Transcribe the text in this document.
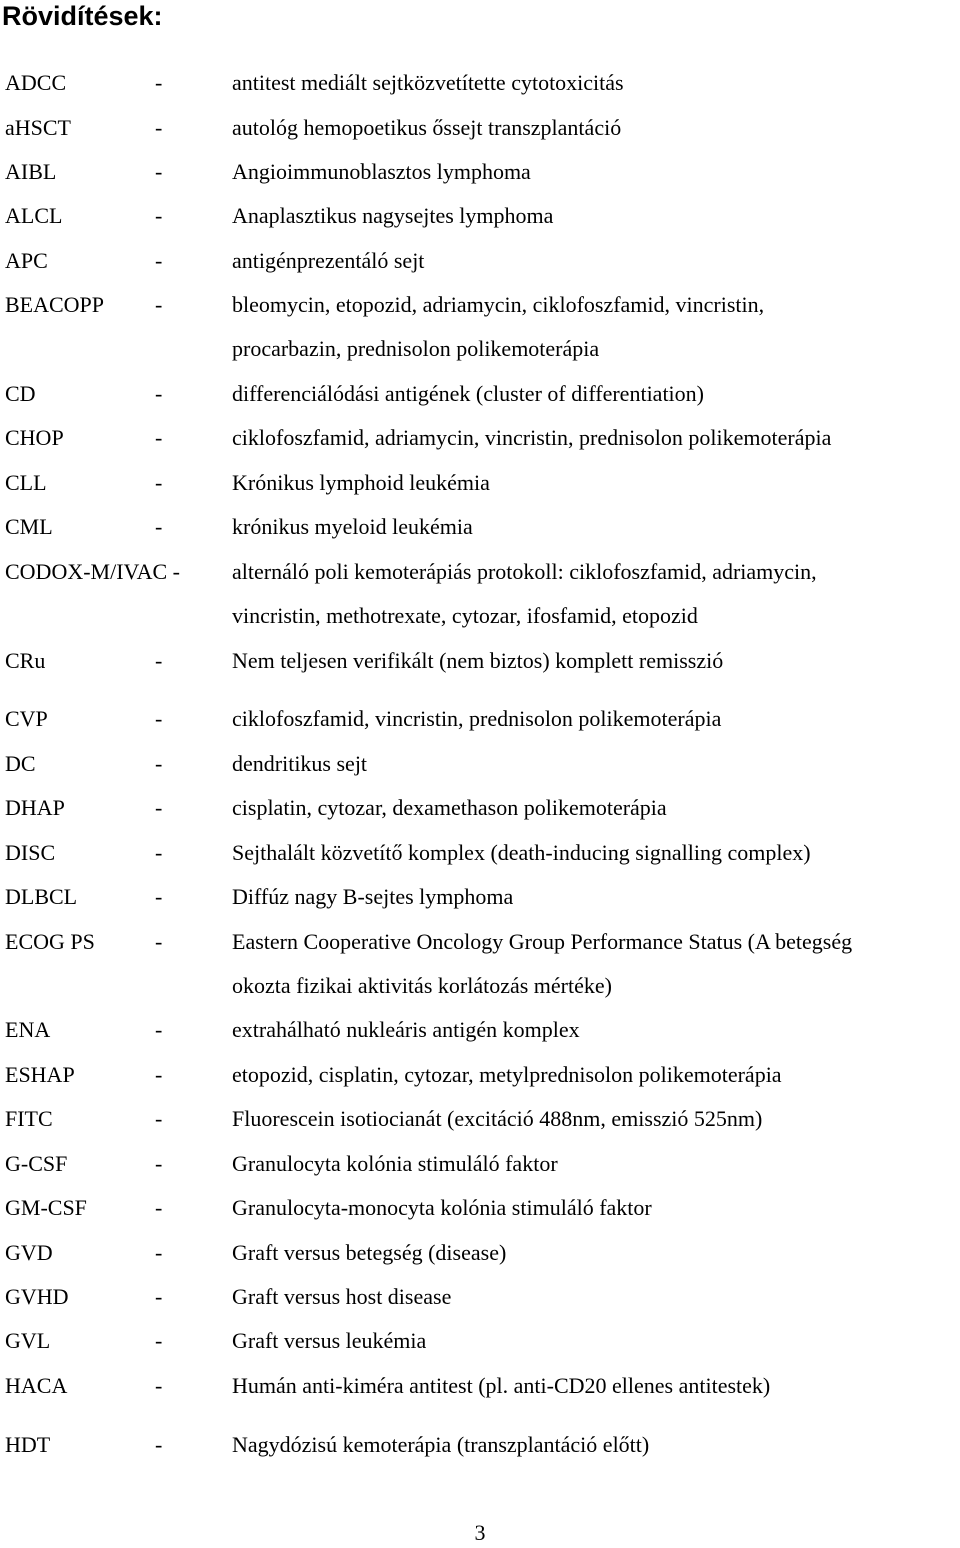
Rövidítések:
ADCC	-	antitest mediált sejtközvetítette cytotoxicitás
aHSCT	-	autológ hemopoetikus őssejt transzplantáció
AIBL	-	Angioimmunoblasztos lymphoma
ALCL	-	Anaplasztikus nagysejtes lymphoma
APC	-	antigénprezentáló sejt
BEACOPP -	bleomycin, etopozid, adriamycin, ciklofoszfamid, vincristin,
procarbazin, prednisolon polikemoterápia
CD	-	differenciálódási antigének (cluster of differentiation)
CHOP	-	ciklofoszfamid, adriamycin, vincristin, prednisolon polikemoterápia
CLL	-	Krónikus lymphoid leukémia
CML	-	krónikus myeloid leukémia
CODOX-M/IVAC - alternáló poli kemoterápiás protokoll: ciklofoszfamid, adriamycin,
vincristin, methotrexate, cytozar, ifosfamid, etopozid
CRu	-	Nem teljesen verifikált (nem biztos) komplett remisszió
CVP	-	ciklofoszfamid, vincristin, prednisolon polikemoterápia
DC	-	dendritikus sejt
DHAP	-	cisplatin, cytozar, dexamethason polikemoterápia
DISC	-	Sejthalált közvetítő komplex (death-inducing signalling complex)
DLBCL	-	Diffúz nagy B-sejtes lymphoma
ECOG PS	-	Eastern Cooperative Oncology Group Performance Status (A betegség
okozta fizikai aktivitás korlátozás mértéke)
ENA	-	extrahálható nukleáris antigén komplex
ESHAP	-	etopozid, cisplatin, cytozar, metylprednisolon polikemoterápia
FITC	-	Fluorescein isotiocianát (excitáció 488nm, emisszió 525nm)
G-CSF	-	Granulocyta kolónia stimuláló faktor
GM-CSF	-	Granulocyta-monocyta kolónia stimuláló faktor
GVD	-	Graft versus betegség (disease)
GVHD	-	Graft versus host disease
GVL	-	Graft versus leukémia
HACA	-	Humán anti-kiméra antitest (pl. anti-CD20 ellenes antitestek)
HDT	-	Nagydózisú kemoterápia (transzplantáció előtt)
3
